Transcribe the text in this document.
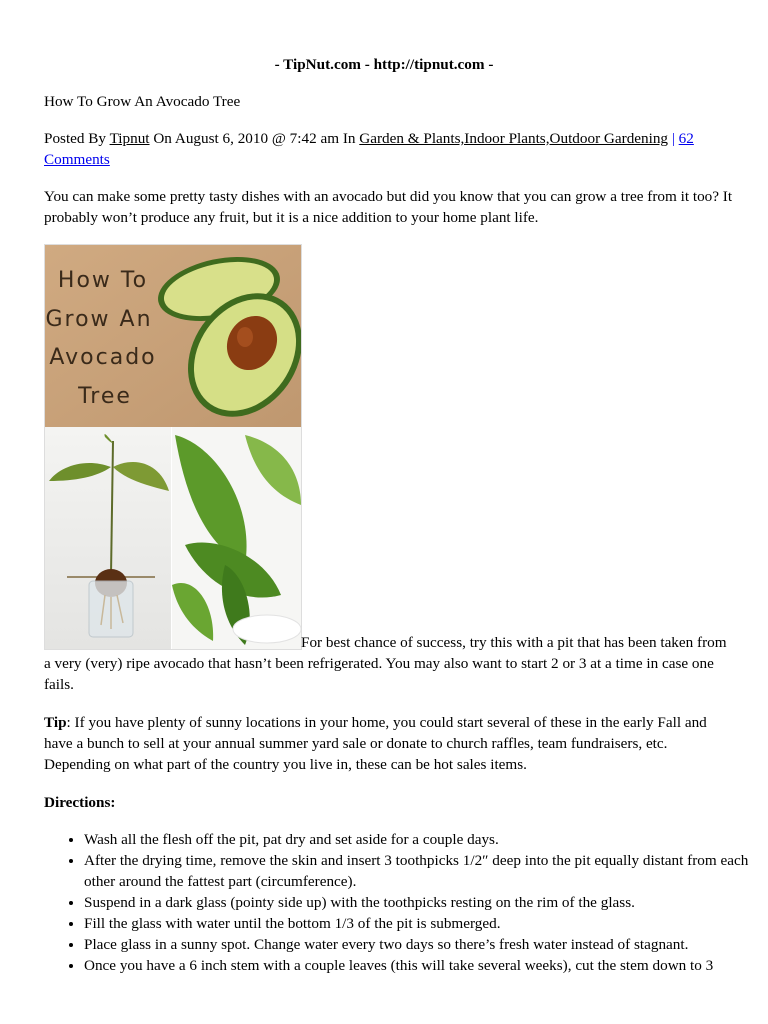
- TipNut.com - http://tipnut.com -
How To Grow An Avocado Tree
Posted By Tipnut On August 6, 2010 @ 7:42 am In Garden & Plants,Indoor Plants,Outdoor Gardening | 62 Comments
You can make some pretty tasty dishes with an avocado but did you know that you can grow a tree from it too? It probably won’t produce any fruit, but it is a nice addition to your home plant life.
How To
Grow An
Avocado
Tree
For best chance of success, try this with a pit that has been taken from a very (very) ripe avocado that hasn’t been refrigerated. You may also want to start 2 or 3 at a time in case one fails.
Tip: If you have plenty of sunny locations in your home, you could start several of these in the early Fall and have a bunch to sell at your annual summer yard sale or donate to church raffles, team fundraisers, etc. Depending on what part of the country you live in, these can be hot sales items.
Directions:
• Wash all the flesh off the pit, pat dry and set aside for a couple days.
• After the drying time, remove the skin and insert 3 toothpicks 1/2″ deep into the pit equally distant from each other around the fattest part (circumference).
• Suspend in a dark glass (pointy side up) with the toothpicks resting on the rim of the glass.
• Fill the glass with water until the bottom 1/3 of the pit is submerged.
• Place glass in a sunny spot. Change water every two days so there’s fresh water instead of stagnant.
• Once you have a 6 inch stem with a couple leaves (this will take several weeks), cut the stem down to 3
